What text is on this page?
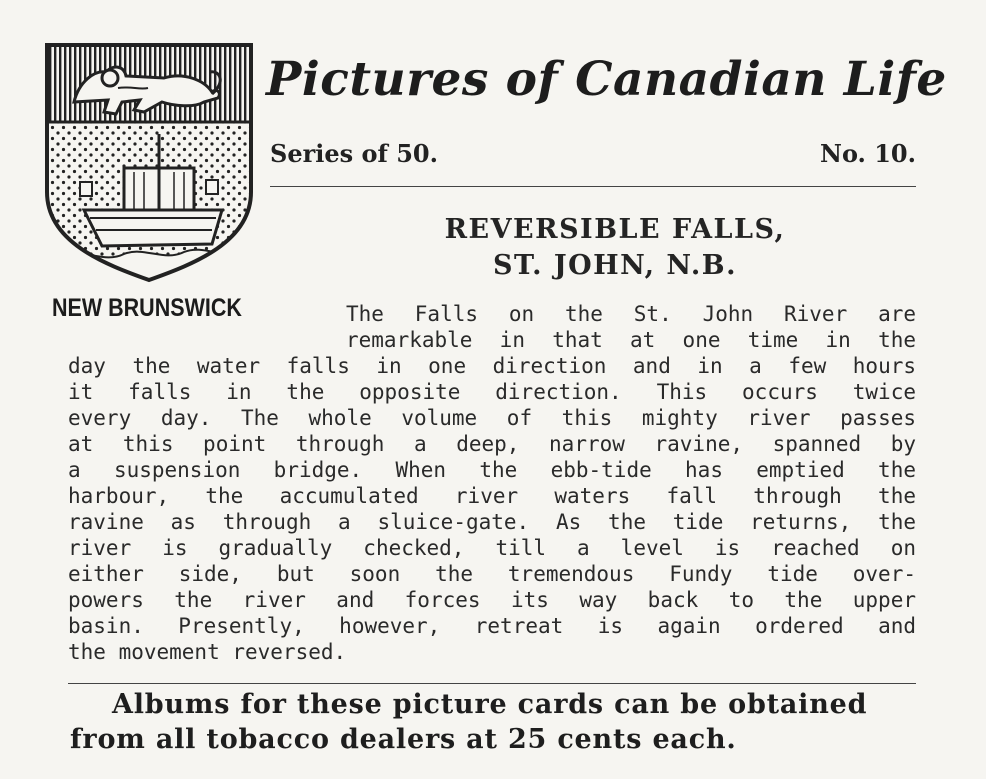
NEW BRUNSWICK
Pictures of Canadian Life
Series of 50.	No. 10.
REVERSIBLE FALLS,
ST. JOHN, N.B.
The Falls on the St. John River are
remarkable in that at one time in the
day the water falls in one direction and in a few hours
it falls in the opposite direction. This occurs twice
every day. The whole volume of this mighty river passes
at this point through a deep, narrow ravine, spanned by
a suspension bridge. When the ebb-tide has emptied the
harbour, the accumulated river waters fall through the
ravine as through a sluice-gate. As the tide returns, the
river is gradually checked, till a level is reached on
either side, but soon the tremendous Fundy tide over-
powers the river and forces its way back to the upper
basin. Presently, however, retreat is again ordered and
the movement reversed.
Albums for these picture cards can be obtained
from all tobacco dealers at 25 cents each.
